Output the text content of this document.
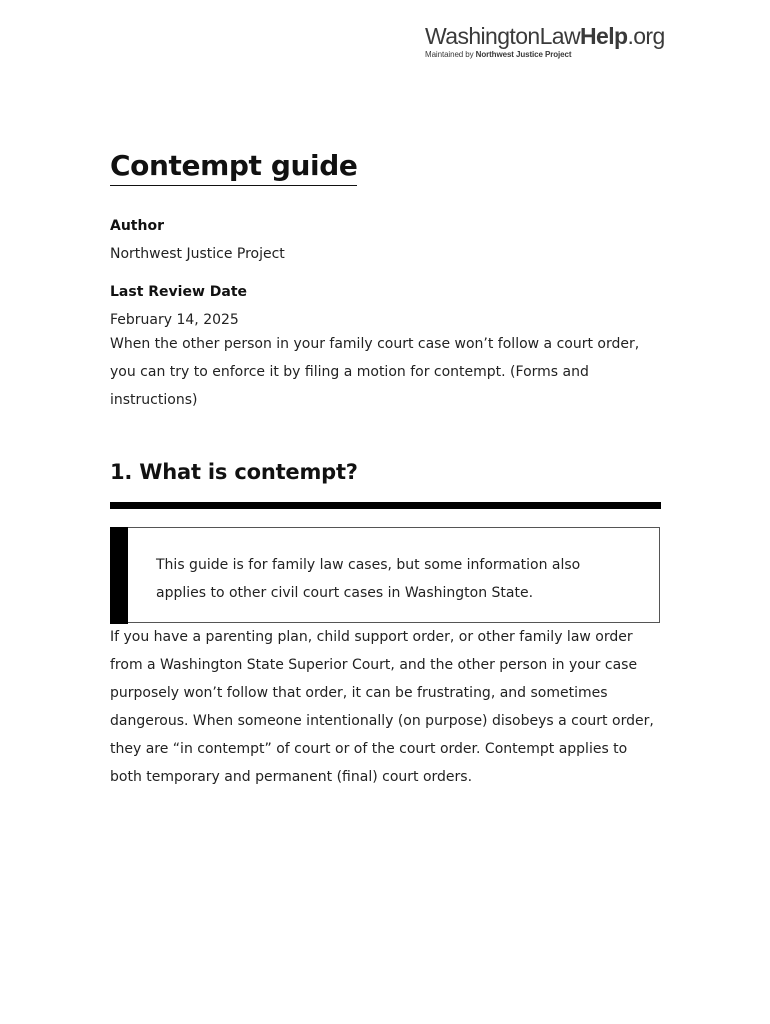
WashingtonLawHelp.org
Maintained by Northwest Justice Project
Contempt guide

Author

Northwest Justice Project

Last Review Date

February 14, 2025

When the other person in your family court case won’t follow a court order, you can try to enforce it by filing a motion for contempt. (Forms and instructions)

1. What is contempt?

This guide is for family law cases, but some information also applies to other civil court cases in Washington State.

If you have a parenting plan, child support order, or other family law order from a Washington State Superior Court, and the other person in your case purposely won’t follow that order, it can be frustrating, and sometimes dangerous. When someone intentionally (on purpose) disobeys a court order, they are “in contempt” of court or of the court order. Contempt applies to both temporary and permanent (final) court orders.
